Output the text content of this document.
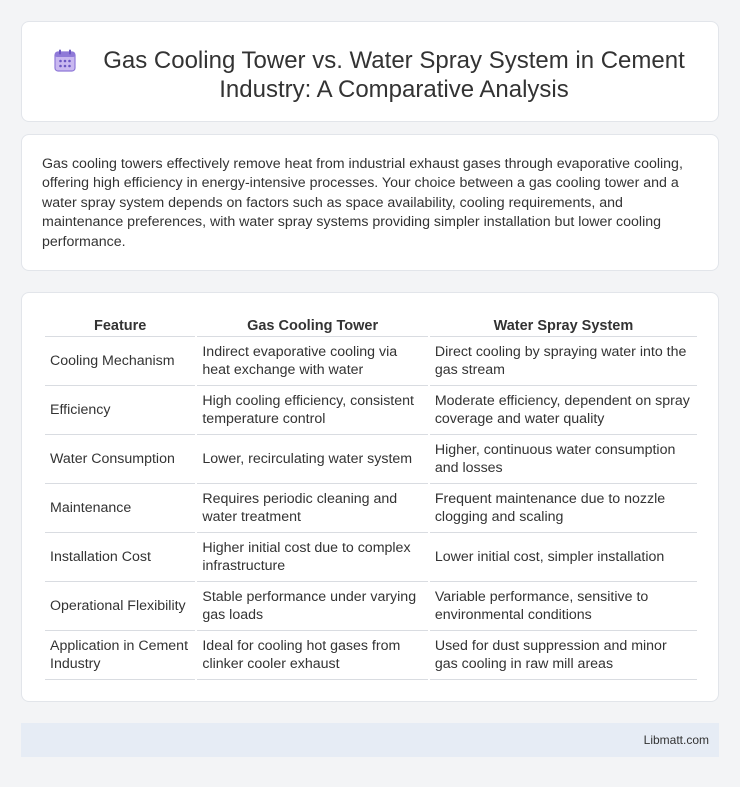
Gas Cooling Tower vs. Water Spray System in Cement Industry: A Comparative Analysis

Gas cooling towers effectively remove heat from industrial exhaust gases through evaporative cooling, offering high efficiency in energy-intensive processes. Your choice between a gas cooling tower and a water spray system depends on factors such as space availability, cooling requirements, and maintenance preferences, with water spray systems providing simpler installation but lower cooling performance.

Feature	Gas Cooling Tower	Water Spray System
Cooling Mechanism	Indirect evaporative cooling via heat exchange with water	Direct cooling by spraying water into the gas stream
Efficiency	High cooling efficiency, consistent temperature control	Moderate efficiency, dependent on spray coverage and water quality
Water Consumption	Lower, recirculating water system	Higher, continuous water consumption and losses
Maintenance	Requires periodic cleaning and water treatment	Frequent maintenance due to nozzle clogging and scaling
Installation Cost	Higher initial cost due to complex infrastructure	Lower initial cost, simpler installation
Operational Flexibility	Stable performance under varying gas loads	Variable performance, sensitive to environmental conditions
Application in Cement Industry	Ideal for cooling hot gases from clinker cooler exhaust	Used for dust suppression and minor gas cooling in raw mill areas
Libmatt.com
